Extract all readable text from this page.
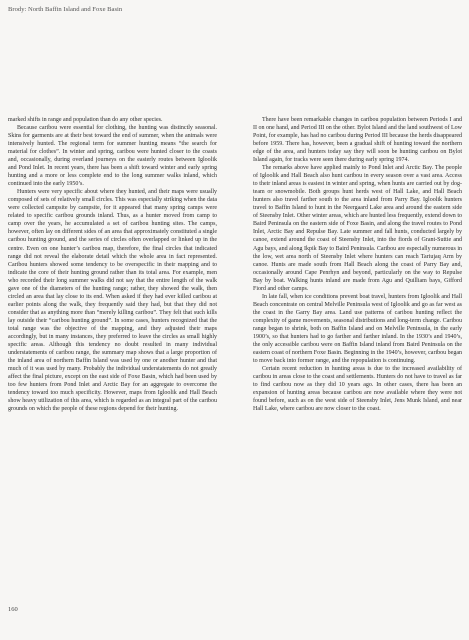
Brody: North Baffin Island and Foxe Basin

marked shifts in range and population than do any other species.

Because caribou were essential for clothing, the hunting was distinctly seasonal. Skins for garments are at their best toward the end of summer, when the animals were intensively hunted. The regional term for summer hunting means “the search for material for clothes”. In winter and spring, caribou were hunted closer to the coasts and, occasionally, during overland journeys on the easterly routes between Igloolik and Pond Inlet. In recent years, there has been a shift toward winter and early spring hunting and a more or less complete end to the long summer walks inland, which continued into the early 1950’s.

Hunters were very specific about where they hunted, and their maps were usually composed of sets of relatively small circles. This was especially striking when the data were collected campsite by campsite, for it appeared that many spring camps were related to specific caribou grounds inland. Thus, as a hunter moved from camp to camp over the years, he accumulated a set of caribou hunting sites. The camps, however, often lay on different sides of an area that approximately constituted a single caribou hunting ground, and the series of circles often overlapped or linked up in the centre. Even on one hunter’s caribou map, therefore, the final circles that indicated range did not reveal the elaborate detail which the whole area in fact represented. Caribou hunters showed some tendency to be overspecific in their mapping and to indicate the core of their hunting ground rather than its total area. For example, men who recorded their long summer walks did not say that the entire length of the walk gave one of the diameters of the hunting range; rather, they showed the walk, then circled an area that lay close to its end. When asked if they had ever killed caribou at earlier points along the walk, they frequently said they had, but that they did not consider that as anything more than “merely killing caribou”. They felt that such kills lay outside their “caribou hunting ground”. In some cases, hunters recognized that the total range was the objective of the mapping, and they adjusted their maps accordingly, but in many instances, they preferred to leave the circles as small highly specific areas. Although this tendency no doubt resulted in many individual understatements of caribou range, the summary map shows that a large proportion of the inland area of northern Baffin Island was used by one or another hunter and that much of it was used by many. Probably the individual understatements do not greatly affect the final picture, except on the east side of Foxe Basin, which had been used by too few hunters from Pond Inlet and Arctic Bay for an aggregate to overcome the tendency toward too much specificity. However, maps from Igloolik and Hall Beach show heavy utilization of this area, which is regarded as an integral part of the caribou grounds on which the people of these regions depend for their hunting.

There have been remarkable changes in caribou population between Periods I and II on one hand, and Period III on the other. Bylot Island and the land southwest of Low Point, for example, has had no caribou during Period III because the herds disappeared before 1959. There has, however, been a gradual shift of hunting toward the northern edge of the area, and hunters today say they will soon be hunting caribou on Bylot Island again, for tracks were seen there during early spring 1974.

The remarks above have applied mainly to Pond Inlet and Arctic Bay. The people of Igloolik and Hall Beach also hunt caribou in every season over a vast area. Access to their inland areas is easiest in winter and spring, when hunts are carried out by dog-team or snowmobile. Both groups hunt herds west of Hall Lake, and Hall Beach hunters also travel farther south to the area inland from Parry Bay. Igloolik hunters travel to Baffin Island to hunt in the Neergaard Lake area and around the eastern side of Steensby Inlet. Other winter areas, which are hunted less frequently, extend down to Baird Peninsula on the eastern side of Foxe Basin, and along the travel routes to Pond Inlet, Arctic Bay and Repulse Bay. Late summer and fall hunts, conducted largely by canoe, extend around the coast of Steensby Inlet, into the fiords of Grant-Suttie and Agu bays, and along Ikpik Bay to Baird Peninsula. Caribou are especially numerous in the low, wet area north of Steensby Inlet where hunters can reach Tariujaq Arm by canoe. Hunts are made south from Hall Beach along the coast of Parry Bay and, occasionally around Cape Penrhyn and beyond, particularly on the way to Repulse Bay by boat. Walking hunts inland are made from Agu and Quilliam bays, Gifford Fiord and other camps.

In late fall, when ice conditions prevent boat travel, hunters from Igloolik and Hall Beach concentrate on central Melville Peninsula west of Igloolik and go as far west as the coast in the Garry Bay area. Land use patterns of caribou hunting reflect the complexity of game movements, seasonal distributions and long-term change. Caribou range began to shrink, both on Baffin Island and on Melville Peninsula, in the early 1900’s, so that hunters had to go farther and farther inland. In the 1930’s and 1940’s, the only accessible caribou were on Baffin Island inland from Baird Peninsula on the eastern coast of northern Foxe Basin. Beginning in the 1940’s, however, caribou began to move back into former range, and the repopulation is continuing.

Certain recent reduction in hunting areas is due to the increased availability of caribou in areas close to the coast and settlements. Hunters do not have to travel as far to find caribou now as they did 10 years ago. In other cases, there has been an expansion of hunting areas because caribou are now available where they were not found before, such as on the west side of Steensby Inlet, Jens Munk Island, and near Hall Lake, where caribou are now closer to the coast.

160
